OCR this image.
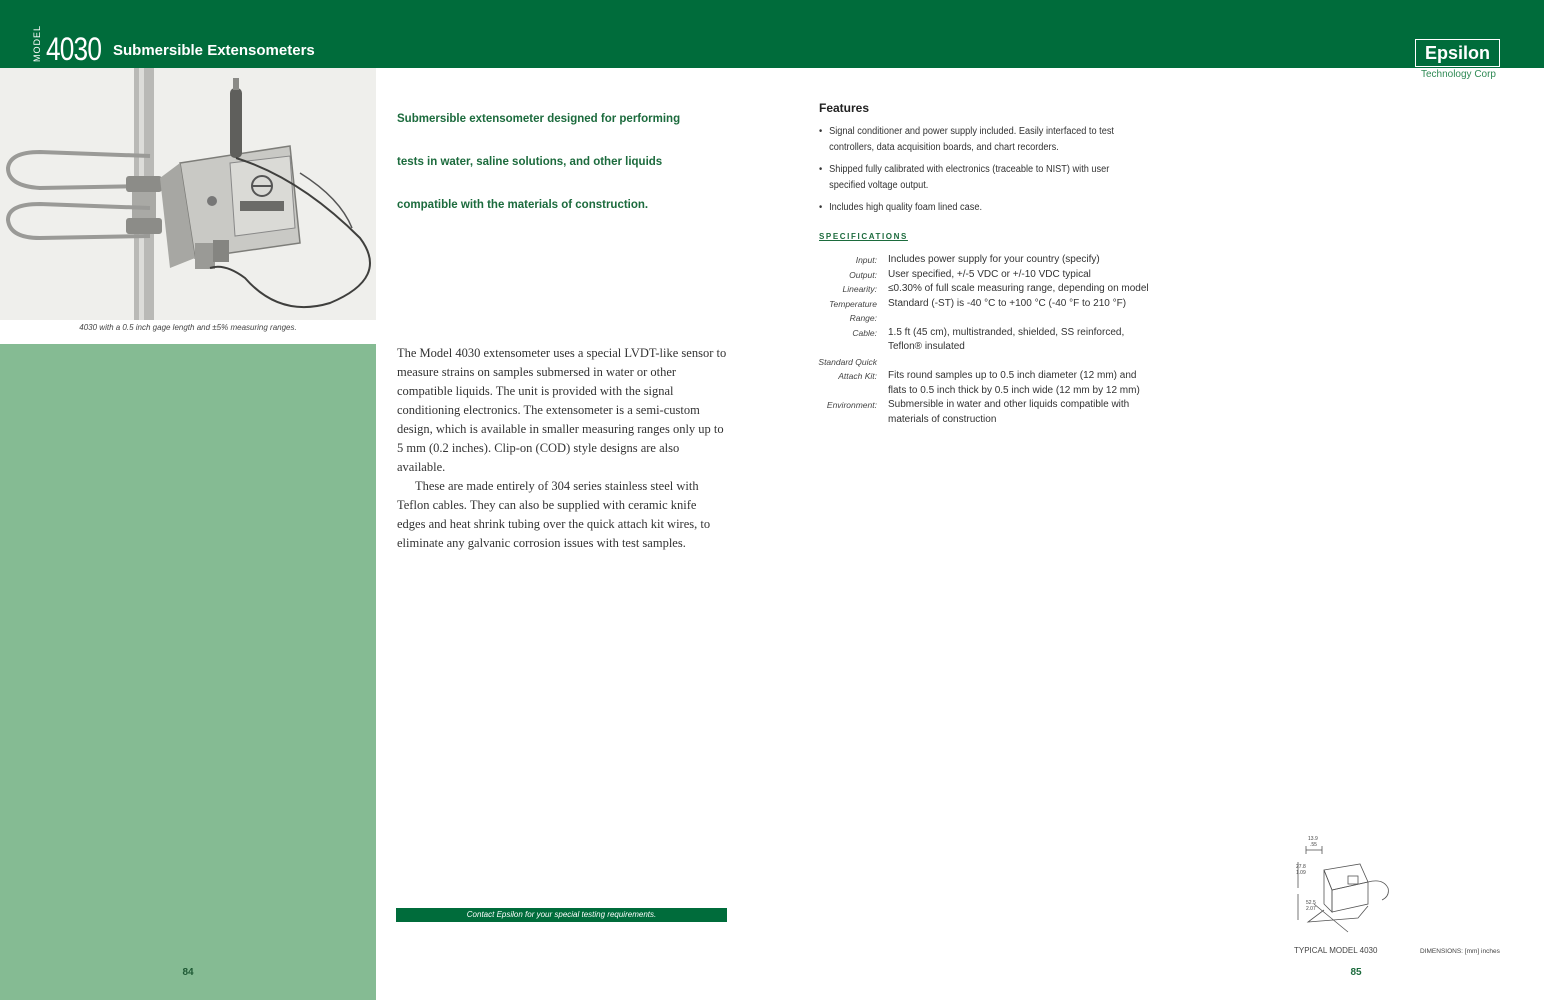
MODEL 4030 Submersible Extensometers	Epsilon
Technology Corp
4030 with a 0.5 inch gage length and ±5% measuring ranges.
84
Submersible extensometer designed for performing
tests in water, saline solutions, and other liquids
compatible with the materials of construction.

The Model 4030 extensometer uses a special LVDT-like sensor to measure strains on samples submersed in water or other compatible liquids. The unit is provided with the signal conditioning electronics. The extensometer is a semi-custom design, which is available in smaller measuring ranges only up to 5 mm (0.2 inches). Clip-on (COD) style designs are also available.

These are made entirely of 304 series stainless steel with Teflon cables. They can also be supplied with ceramic knife edges and heat shrink tubing over the quick attach kit wires, to eliminate any galvanic corrosion issues with test samples.

Contact Epsilon for your special testing requirements.
Features
• Signal conditioner and power supply included. Easily interfaced to test controllers, data acquisition boards, and chart recorders.
• Shipped fully calibrated with electronics (traceable to NIST) with user specified voltage output.
• Includes high quality foam lined case.
SPECIFICATIONS
Input:	Includes power supply for your country (specify)
Output:	User specified, +/-5 VDC or +/-10 VDC typical
Linearity:	≤0.30% of full scale measuring range, depending on model
Temperature Range:
Standard (-ST) is -40 °C to +100 °C (-40 °F to 210 °F)
Cable:	1.5 ft (45 cm), multistranded, shielded, SS reinforced, Teflon® insulated
Standard Quick
Attach Kit:	Fits round samples up to 0.5 inch diameter (12 mm) and flats to 0.5 inch thick by 0.5 inch wide (12 mm by 12 mm)
Environment:	Submersible in water and other liquids compatible with materials of construction
13.9
.55
27.8
1.09
52.5
2.07
TYPICAL MODEL 4030	DIMENSIONS: [mm] inches
85
